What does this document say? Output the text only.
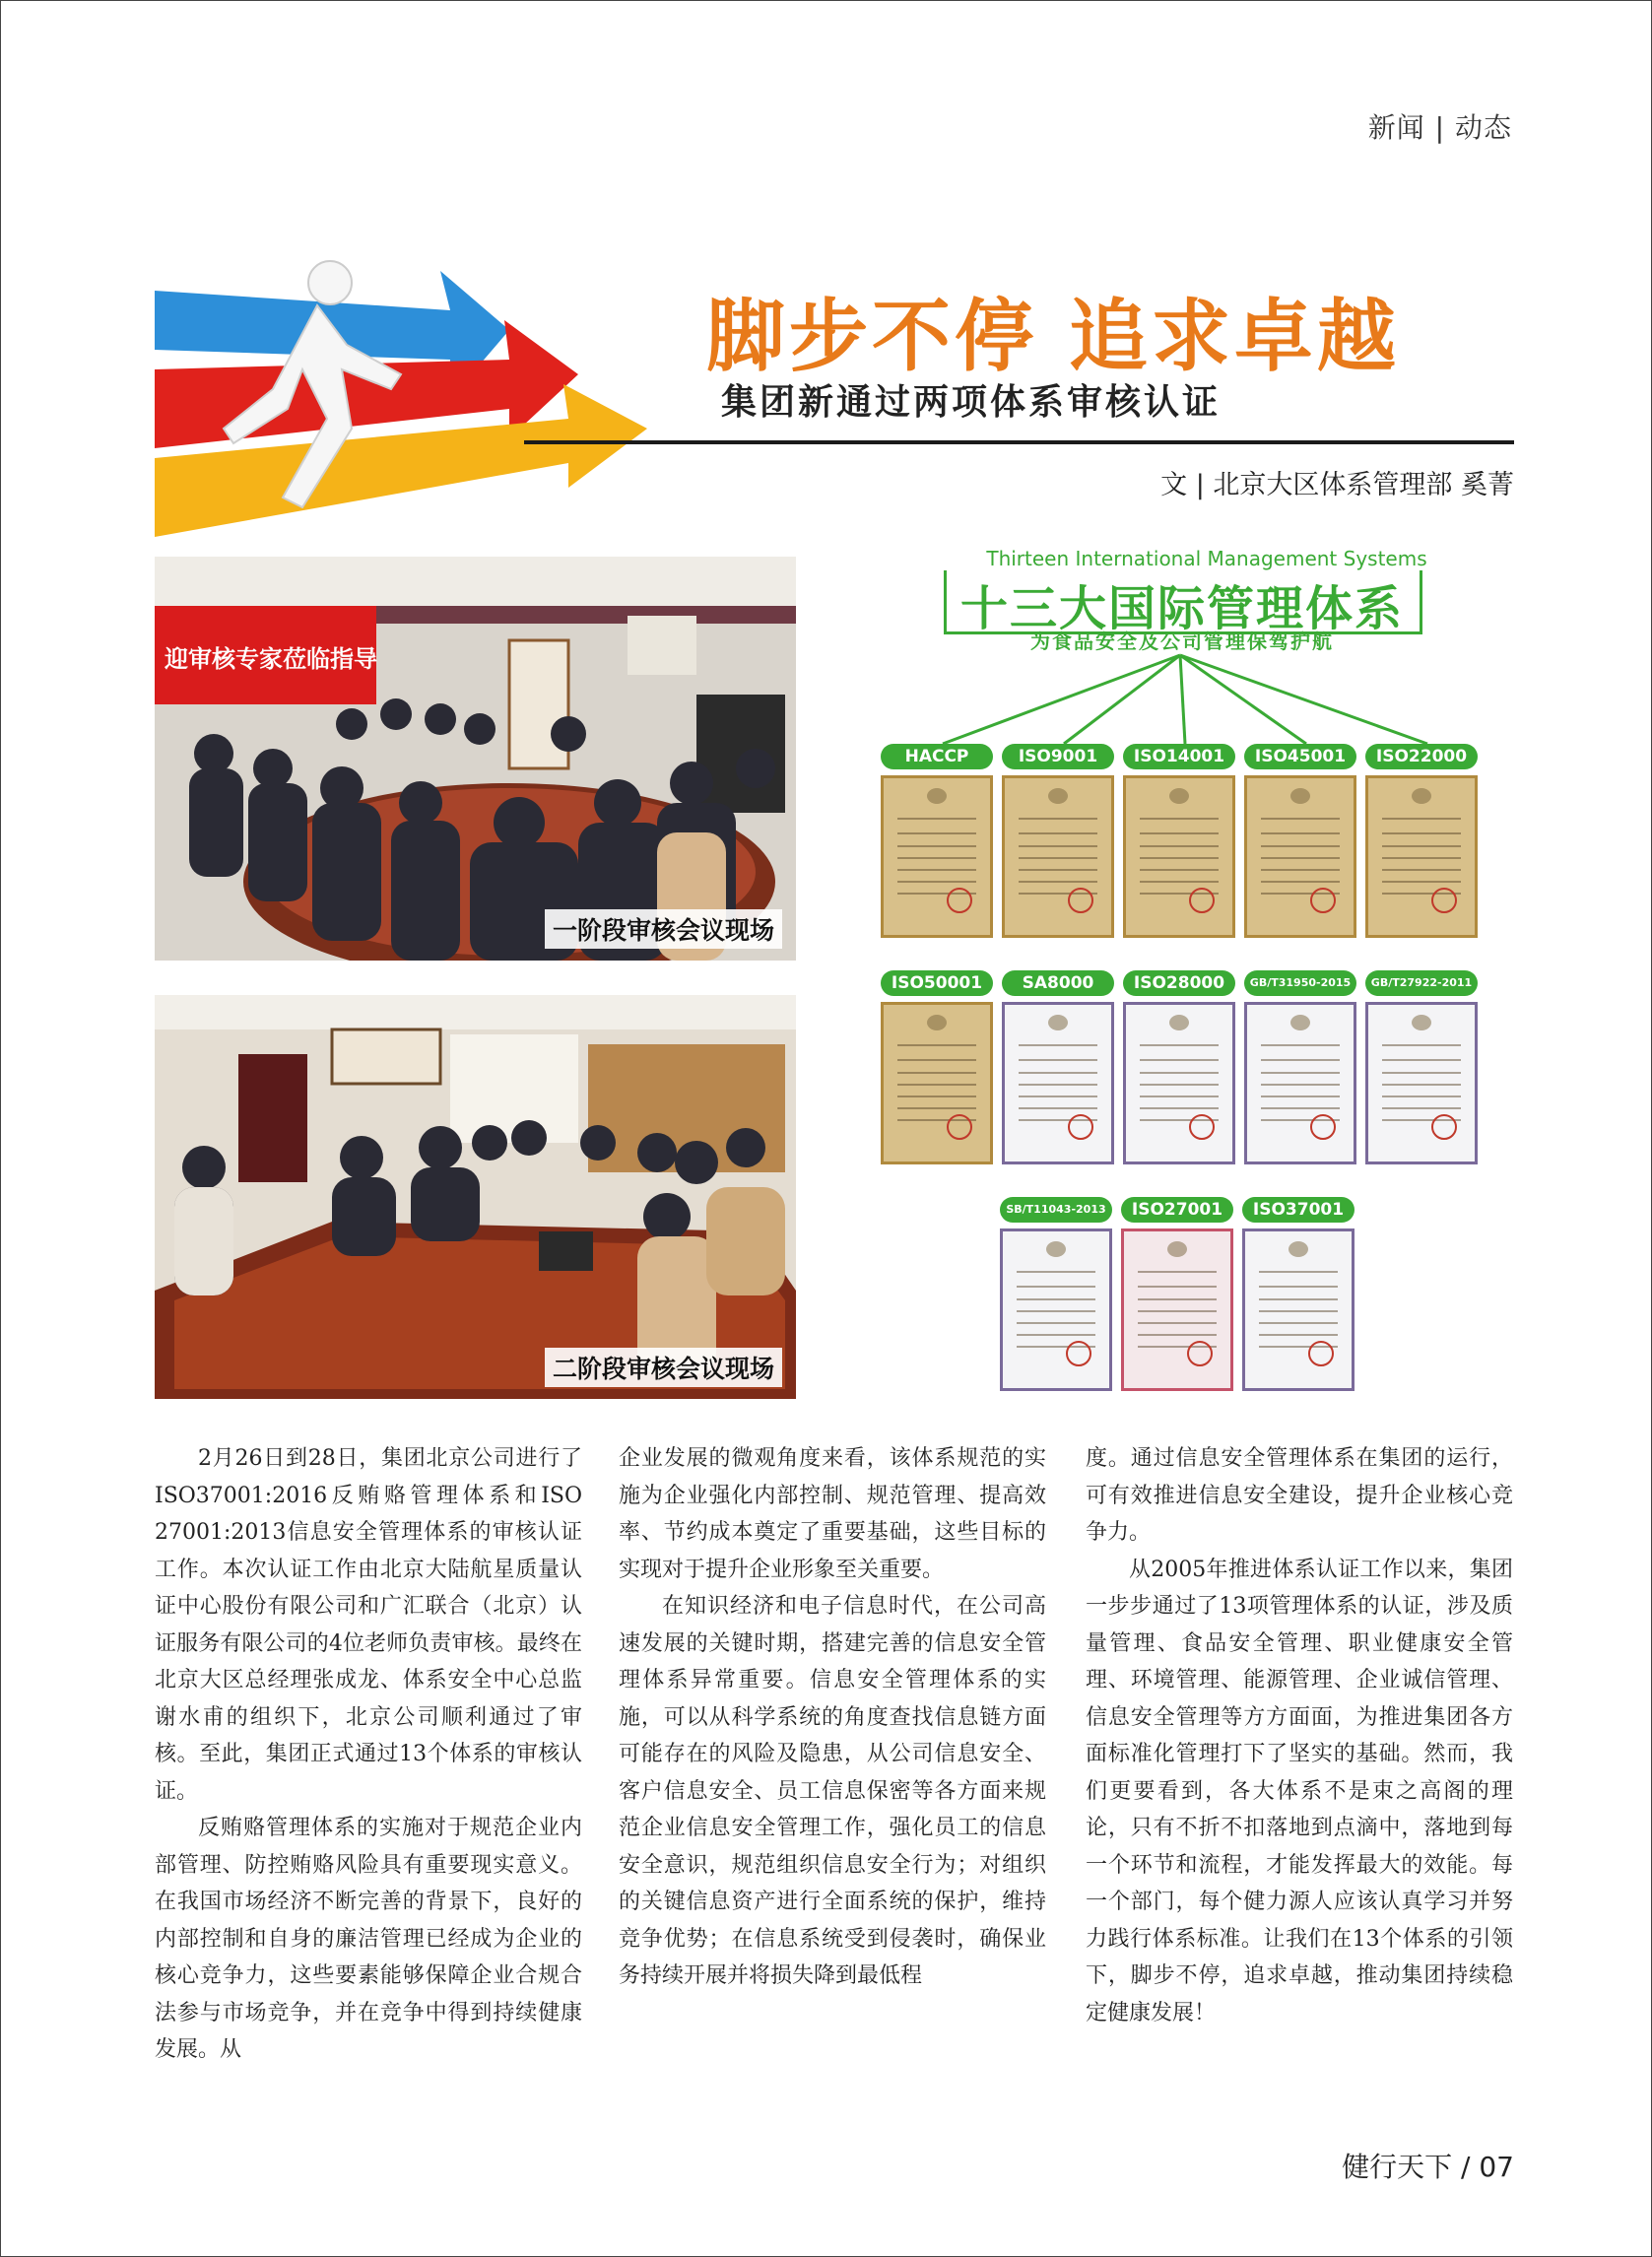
新闻 | 动态
脚步不停 追求卓越
集团新通过两项体系审核认证
文 | 北京大区体系管理部 奚菁
迎审核专家莅临指导
一阶段审核会议现场
二阶段审核会议现场
Thirteen International Management Systems
十三大国际管理体系
为食品安全及公司管理保驾护航
HACCP	ISO9001	ISO14001	ISO45001	ISO22000
ISO50001	SA8000	ISO28000	GB/T31950-2015	GB/T27922-2011
SB/T11043-2013	ISO27001	ISO37001

2月26日到28日，集团北京公司进行了ISO37001:2016反贿赂管理体系和ISO 27001:2013信息安全管理体系的审核认证工作。本次认证工作由北京大陆航星质量认证中心股份有限公司和广汇联合（北京）认证服务有限公司的4位老师负责审核。最终在北京大区总经理张成龙、体系安全中心总监谢水甫的组织下，北京公司顺利通过了审核。至此，集团正式通过13个体系的审核认证。

反贿赂管理体系的实施对于规范企业内部管理、防控贿赂风险具有重要现实意义。在我国市场经济不断完善的背景下，良好的内部控制和自身的廉洁管理已经成为企业的核心竞争力，这些要素能够保障企业合规合法参与市场竞争，并在竞争中得到持续健康发展。从

企业发展的微观角度来看，该体系规范的实施为企业强化内部控制、规范管理、提高效率、节约成本奠定了重要基础，这些目标的实现对于提升企业形象至关重要。

在知识经济和电子信息时代，在公司高速发展的关键时期，搭建完善的信息安全管理体系异常重要。信息安全管理体系的实施，可以从科学系统的角度查找信息链方面可能存在的风险及隐患，从公司信息安全、客户信息安全、员工信息保密等各方面来规范企业信息安全管理工作，强化员工的信息安全意识，规范组织信息安全行为；对组织的关键信息资产进行全面系统的保护，维持竞争优势；在信息系统受到侵袭时，确保业务持续开展并将损失降到最低程

度。通过信息安全管理体系在集团的运行，可有效推进信息安全建设，提升企业核心竞争力。

从2005年推进体系认证工作以来，集团一步步通过了13项管理体系的认证，涉及质量管理、食品安全管理、职业健康安全管理、环境管理、能源管理、企业诚信管理、信息安全管理等方方面面，为推进集团各方面标准化管理打下了坚实的基础。然而，我们更要看到，各大体系不是束之高阁的理论，只有不折不扣落地到点滴中，落地到每一个环节和流程，才能发挥最大的效能。每一个部门，每个健力源人应该认真学习并努力践行体系标准。让我们在13个体系的引领下，脚步不停，追求卓越，推动集团持续稳定健康发展！

健行天下 / 07
